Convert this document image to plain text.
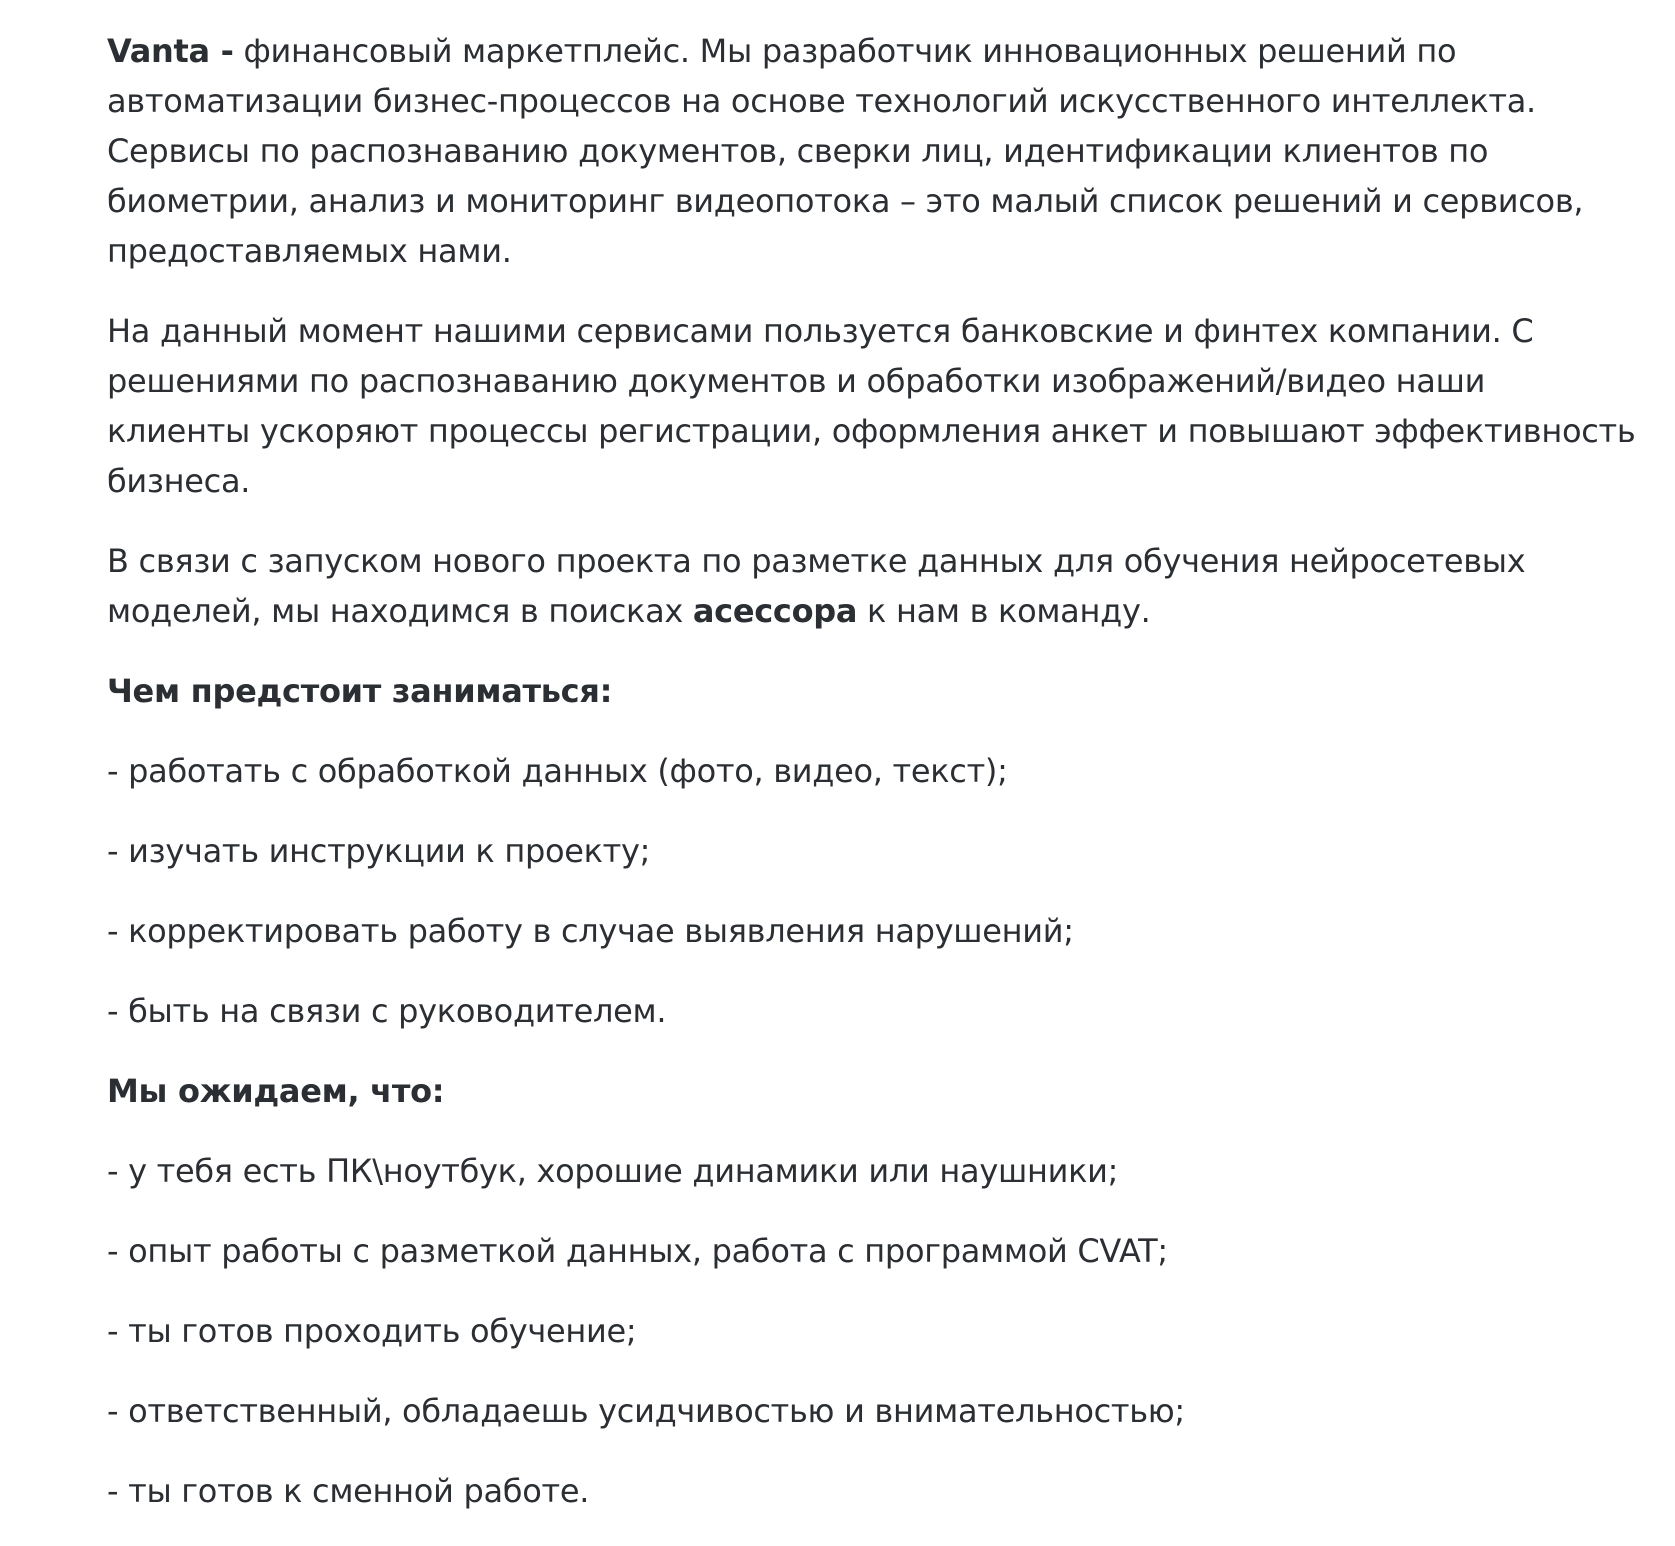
Vanta - финансовый маркетплейс. Мы разработчик инновационных решений по автоматизации бизнес-процессов на основе технологий искусственного интеллекта. Сервисы по распознаванию документов, сверки лиц, идентификации клиентов по биометрии, анализ и мониторинг видеопотока – это малый список решений и сервисов, предоставляемых нами.

На данный момент нашими сервисами пользуется банковские и финтех компании. С решениями по распознаванию документов и обработки изображений/видео наши клиенты ускоряют процессы регистрации, оформления анкет и повышают эффективность бизнеса.

В связи с запуском нового проекта по разметке данных для обучения нейросетевых моделей, мы находимся в поисках асессора к нам в команду.

Чем предстоит заниматься:

- работать с обработкой данных (фото, видео, текст);

- изучать инструкции к проекту;

- корректировать работу в случае выявления нарушений;

- быть на связи с руководителем.

Мы ожидаем, что:

- у тебя есть ПК\ноутбук, хорошие динамики или наушники;

- опыт работы с разметкой данных, работа с программой CVAT;

- ты готов проходить обучение;

- ответственный, обладаешь усидчивостью и внимательностью;

- ты готов к сменной работе.
